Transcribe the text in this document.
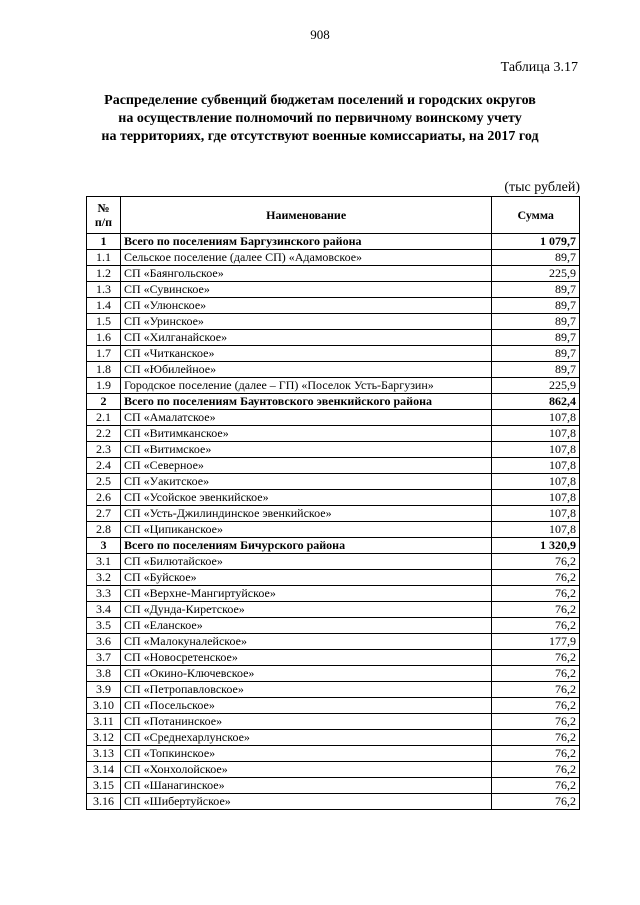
908
Таблица 3.17
Распределение субвенций бюджетам поселений и городских округов
на осуществление полномочий по первичному воинскому учету
на территориях, где отсутствуют военные комиссариаты, на 2017 год
(тыс рублей)
№
п/п	Наименование	Сумма
1	Всего по поселениям Баргузинского района	1 079,7
1.1	Сельское поселение (далее СП) «Адамовское»	89,7
1.2	СП «Баянгольское»	225,9
1.3	СП «Сувинское»	89,7
1.4	СП «Улюнское»	89,7
1.5	СП «Уринское»	89,7
1.6	СП «Хилганайское»	89,7
1.7	СП «Читканское»	89,7
1.8	СП «Юбилейное»	89,7
1.9	Городское поселение (далее – ГП) «Поселок Усть-Баргузин»	225,9
2	Всего по поселениям Баунтовского эвенкийского района	862,4
2.1	СП «Амалатское»	107,8
2.2	СП «Витимканское»	107,8
2.3	СП «Витимское»	107,8
2.4	СП «Северное»	107,8
2.5	СП «Уакитское»	107,8
2.6	СП «Усойское эвенкийское»	107,8
2.7	СП «Усть-Джилиндинское эвенкийское»	107,8
2.8	СП «Ципиканское»	107,8
3	Всего по поселениям Бичурского района	1 320,9
3.1	СП «Билютайское»	76,2
3.2	СП «Буйское»	76,2
3.3	СП «Верхне-Мангиртуйское»	76,2
3.4	СП «Дунда-Киретское»	76,2
3.5	СП «Еланское»	76,2
3.6	СП «Малокуналейское»	177,9
3.7	СП «Новосретенское»	76,2
3.8	СП «Окино-Ключевское»	76,2
3.9	СП «Петропавловское»	76,2
3.10	СП «Посельское»	76,2
3.11	СП «Потанинское»	76,2
3.12	СП «Среднехарлунское»	76,2
3.13	СП «Топкинское»	76,2
3.14	СП «Хонхолойское»	76,2
3.15	СП «Шанагинское»	76,2
3.16	СП «Шибертуйское»	76,2
